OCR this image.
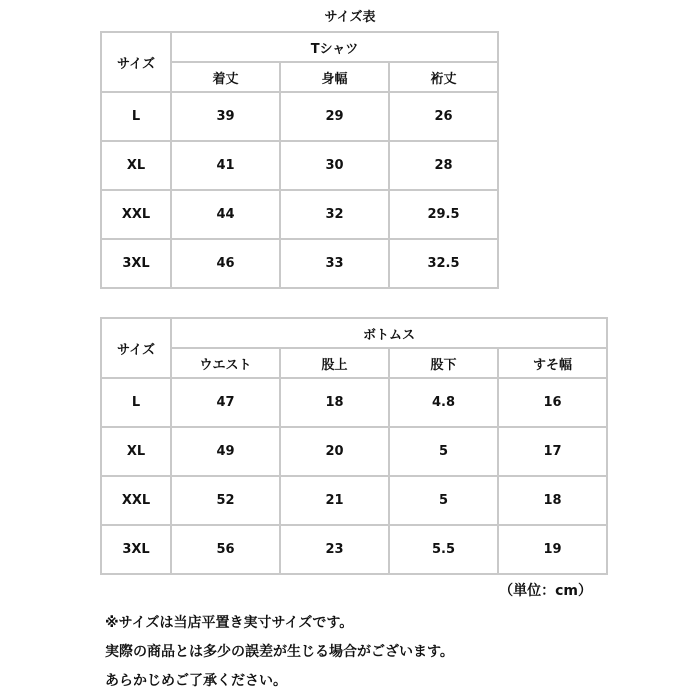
サイズ表
サイズ	Tシャツ		
	着丈	身幅	裄丈
L	39	29	26
XL	41	30	28
XXL	44	32	29.5
3XL	46	33	32.5
サイズ	ボトムス			
	ウエスト	股上	股下	すそ幅
L	47	18	4.8	16
XL	49	20	5	17
XXL	52	21	5	18
3XL	56	23	5.5	19
（単位：cm）
※サイズは当店平置き実寸サイズです。
実際の商品とは多少の誤差が生じる場合がございます。
あらかじめご了承ください。
